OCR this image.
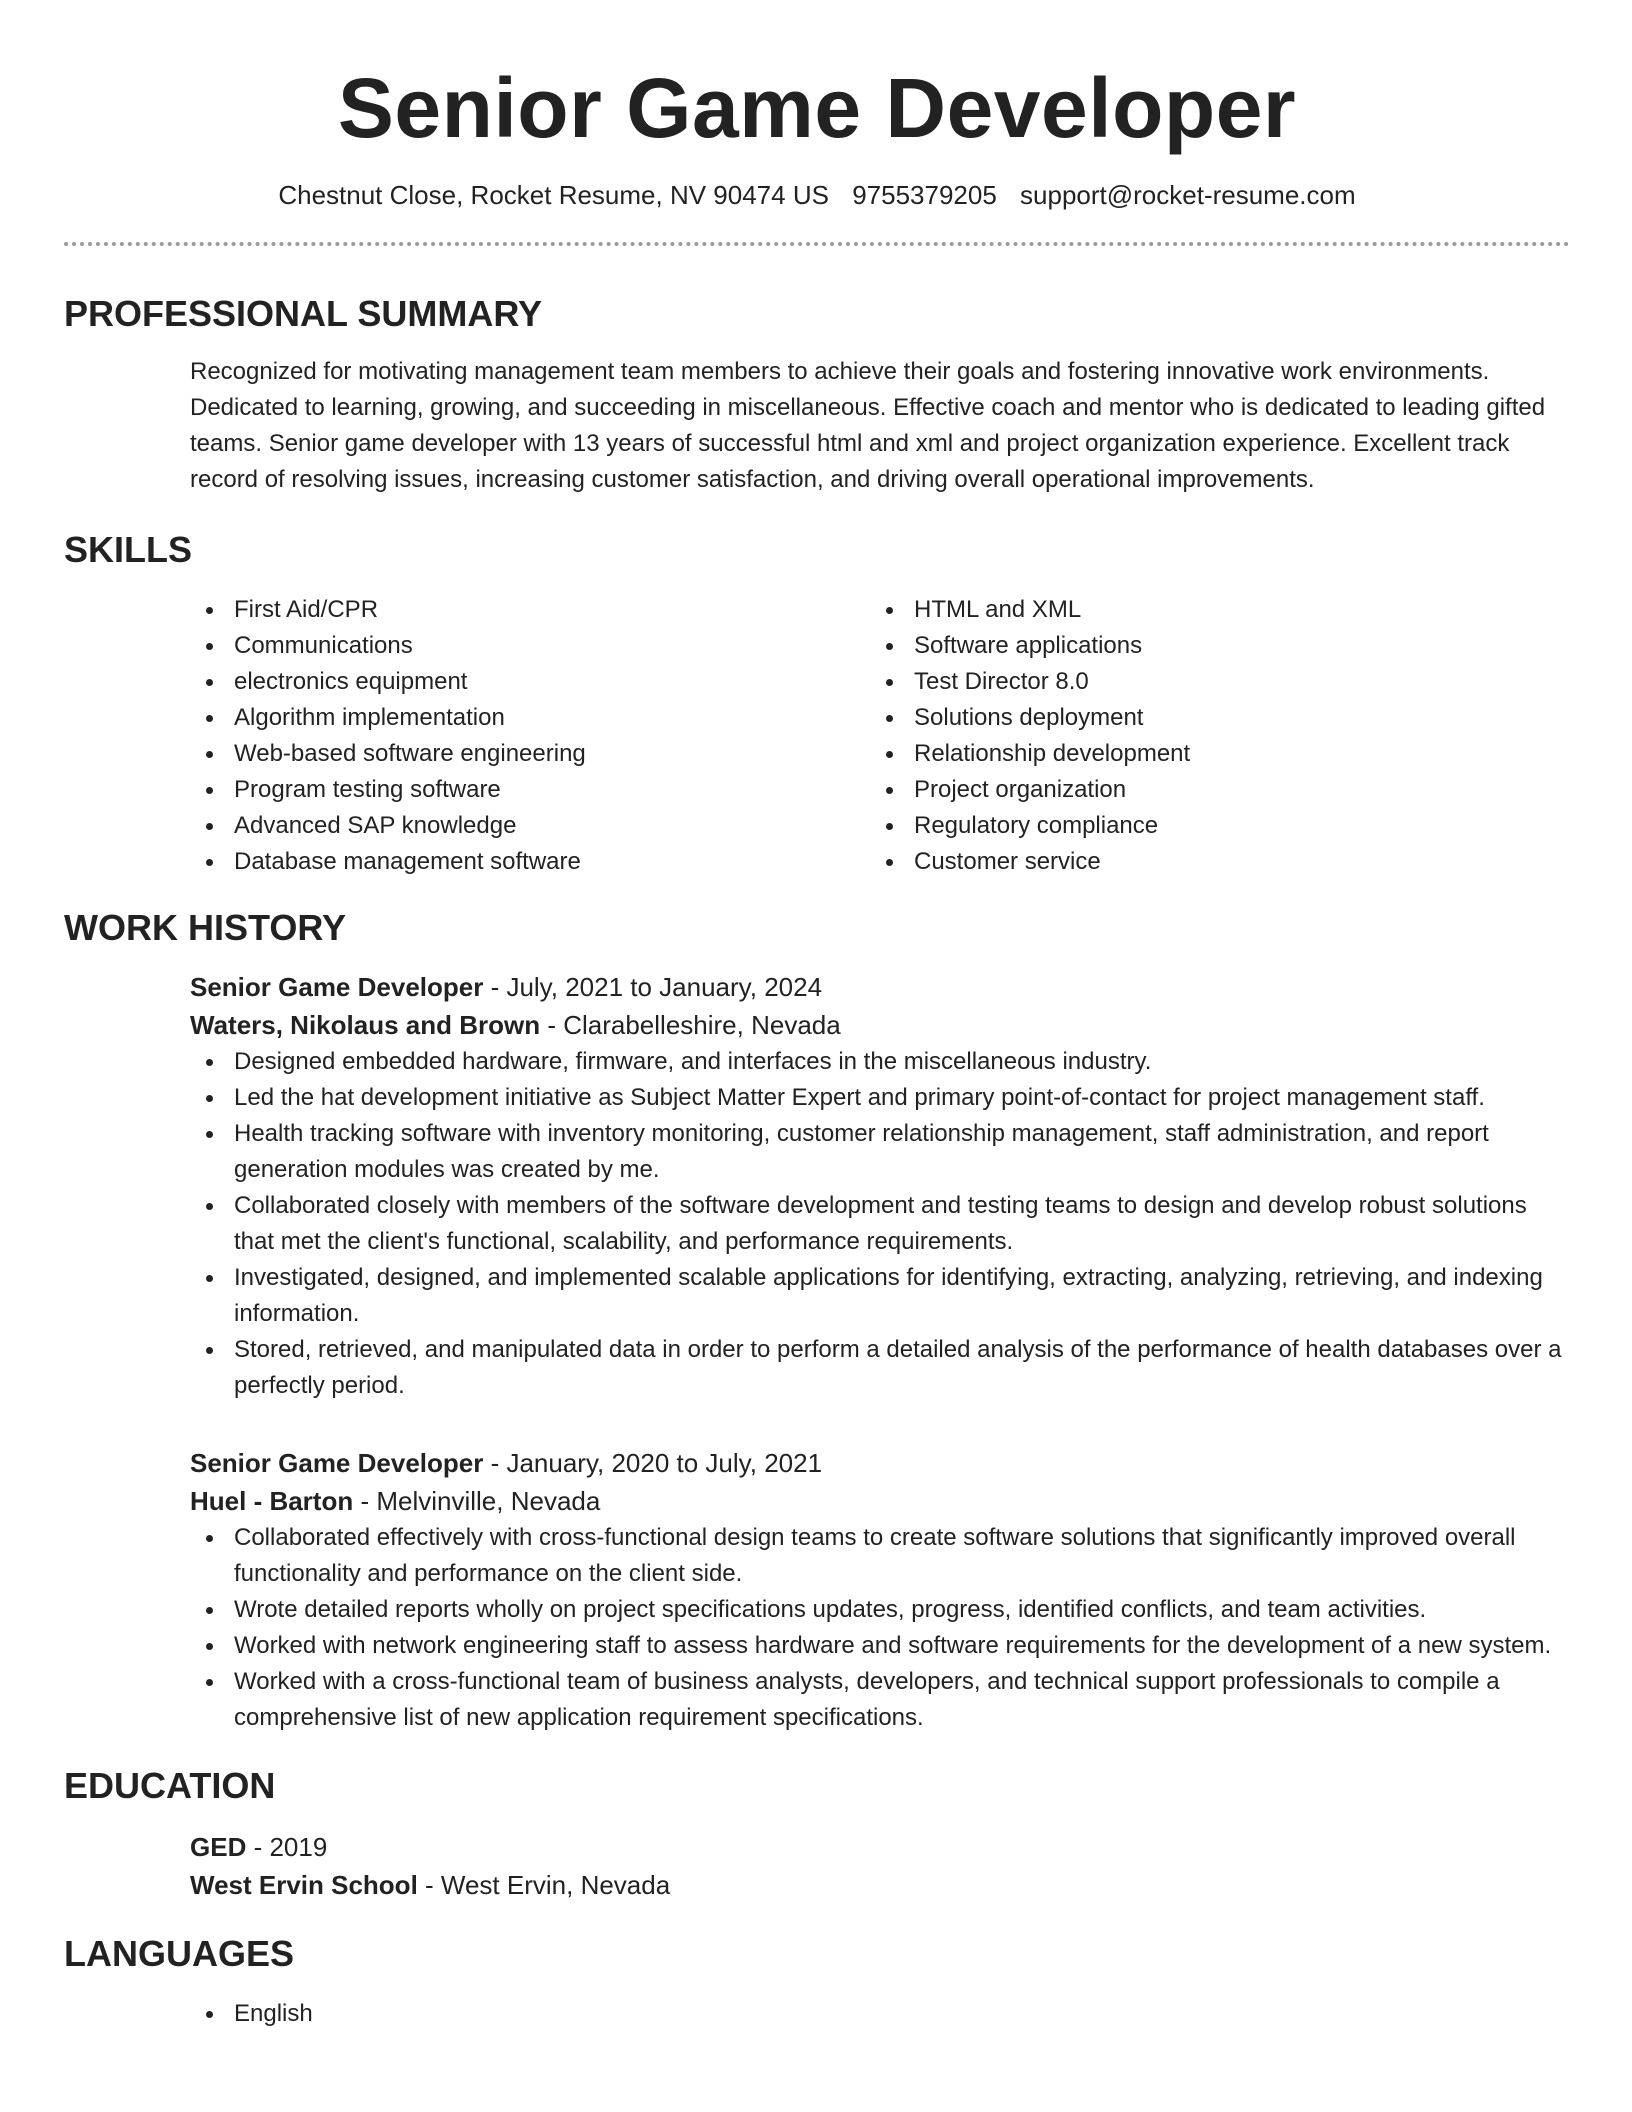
Senior Game Developer
Chestnut Close, Rocket Resume, NV 90474 US 9755379205 support@rocket-resume.com
PROFESSIONAL SUMMARY
Recognized for motivating management team members to achieve their goals and fostering innovative work environments. Dedicated to learning, growing, and succeeding in miscellaneous. Effective coach and mentor who is dedicated to leading gifted teams. Senior game developer with 13 years of successful html and xml and project organization experience. Excellent track record of resolving issues, increasing customer satisfaction, and driving overall operational improvements.
SKILLS
First Aid/CPR
Communications
electronics equipment
Algorithm implementation
Web-based software engineering
Program testing software
Advanced SAP knowledge
Database management software
HTML and XML
Software applications
Test Director 8.0
Solutions deployment
Relationship development
Project organization
Regulatory compliance
Customer service
WORK HISTORY
Senior Game Developer - July, 2021 to January, 2024
Waters, Nikolaus and Brown - Clarabelleshire, Nevada
Designed embedded hardware, firmware, and interfaces in the miscellaneous industry.
Led the hat development initiative as Subject Matter Expert and primary point-of-contact for project management staff.
Health tracking software with inventory monitoring, customer relationship management, staff administration, and report generation modules was created by me.
Collaborated closely with members of the software development and testing teams to design and develop robust solutions that met the client's functional, scalability, and performance requirements.
Investigated, designed, and implemented scalable applications for identifying, extracting, analyzing, retrieving, and indexing information.
Stored, retrieved, and manipulated data in order to perform a detailed analysis of the performance of health databases over a perfectly period.
Senior Game Developer - January, 2020 to July, 2021
Huel - Barton - Melvinville, Nevada
Collaborated effectively with cross-functional design teams to create software solutions that significantly improved overall functionality and performance on the client side.
Wrote detailed reports wholly on project specifications updates, progress, identified conflicts, and team activities.
Worked with network engineering staff to assess hardware and software requirements for the development of a new system.
Worked with a cross-functional team of business analysts, developers, and technical support professionals to compile a comprehensive list of new application requirement specifications.
EDUCATION
GED - 2019
West Ervin School - West Ervin, Nevada
LANGUAGES
English
